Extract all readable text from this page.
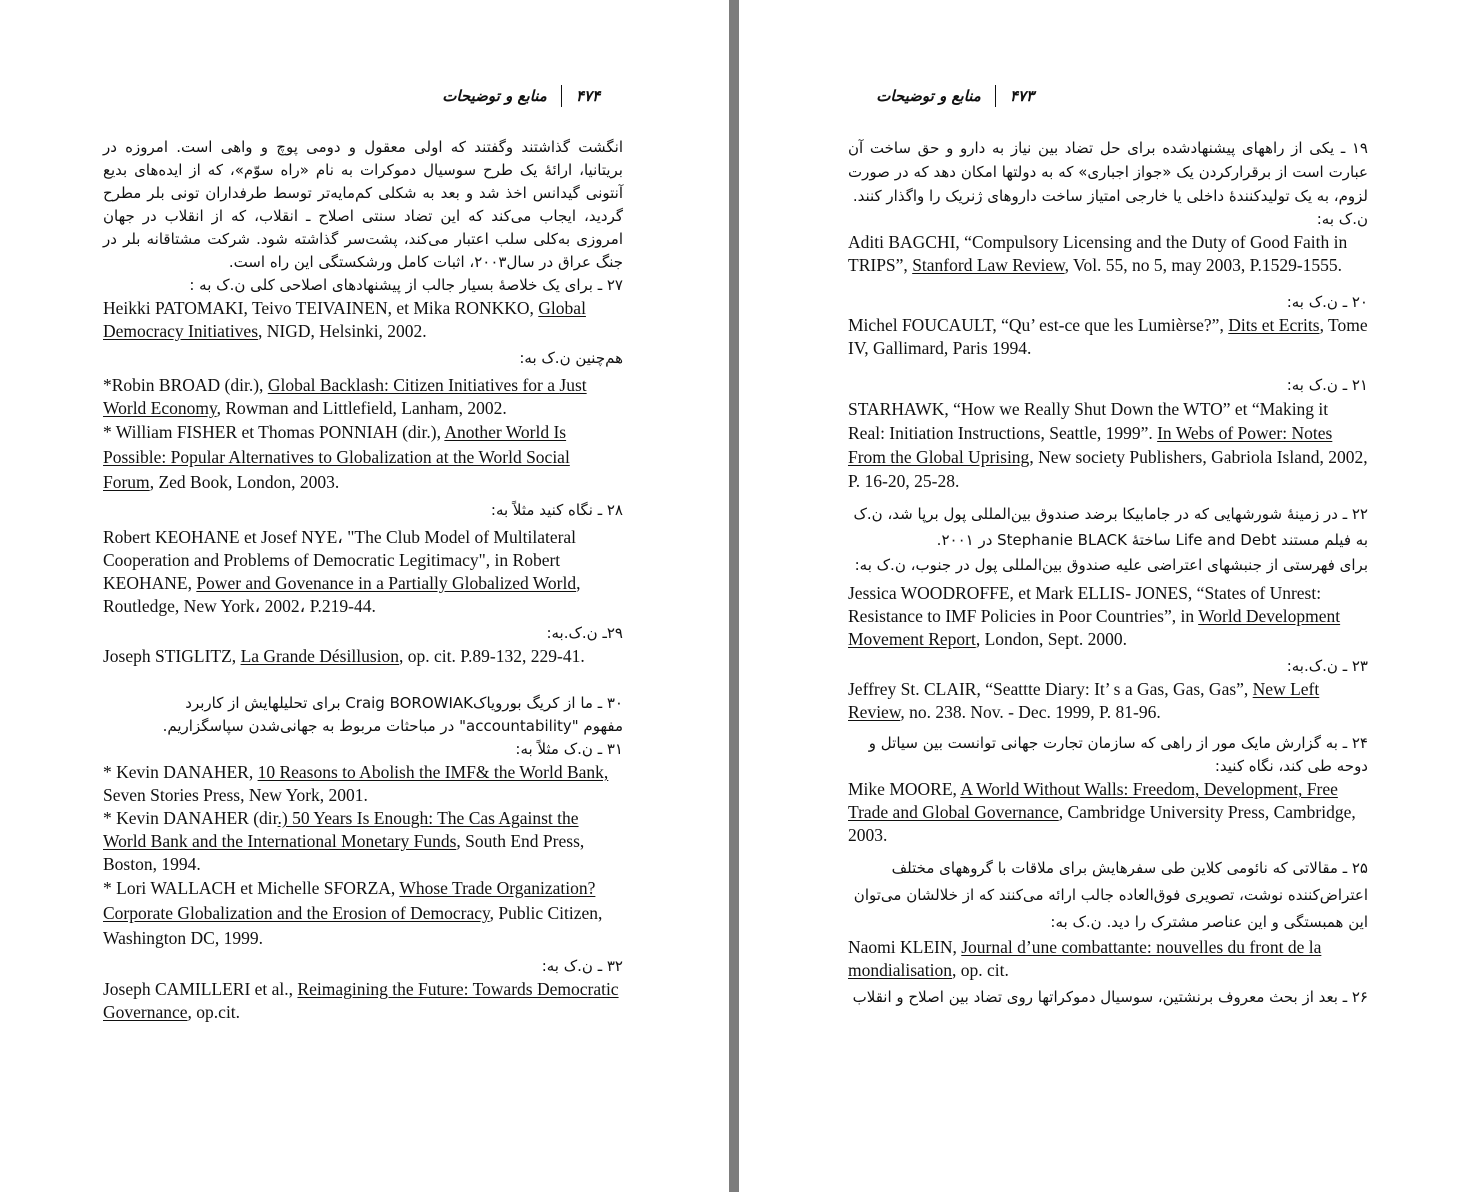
۴۷۴
منابع و توضیحات

انگشت گذاشتند وگفتند که اولی معقول و دومی پوچ و واهی است. امروزه در بریتانیا، ارائهٔ یک طرح سوسیال دموکرات به نام «راه سوّم»، که از ایده‌های بدیع آنتونی گیدانس اخذ شد و بعد به شکلی کم‌مایه‌تر توسط طرفداران تونی بلر مطرح گردید، ایجاب می‌کند که این تضاد سنتی اصلاح ـ انقلاب، که از انقلاب در جهان امروزی به‌کلی سلب اعتبار می‌کند، پشت‌سر گذاشته شود. شرکت مشتاقانه بلر در جنگ عراق در سال۲۰۰۳، اثبات کامل ورشکستگی این راه است.

۲۷ ـ برای یک خلاصهٔ بسیار جالب از پیشنهادهای اصلاحی کلی ن.ک به :

Heikki PATOMAKI, Teivo TEIVAINEN, et Mika RONKKO, Global Democracy Initiatives, NIGD, Helsinki, 2002.

هم‌چنین ن.ک به:

*Robin BROAD (dir.), Global Backlash: Citizen Initiatives for a Just World Economy, Rowman and Littlefield, Lanham, 2002.

* William FISHER et Thomas PONNIAH (dir.), Another World Is Possible: Popular Alternatives to Globalization at the World Social Forum, Zed Book, London, 2003.

۲۸ ـ نگاه کنید مثلاً به:

Robert KEOHANE et Josef NYE، "The Club Model of Multilateral Cooperation and Problems of Democratic Legitimacy", in Robert KEOHANE, Power and Govenance in a Partially Globalized World, Routledge, New York، 2002، P.219-44.

۲۹ـ ن.ک.به:

Joseph STIGLITZ, La Grande Désillusion, op. cit. P.89-132, 229-41.

۳۰ ـ ما از کریگ بورویاکCraig BOROWIAK برای تحلیلهایش از کاربرد

مفهوم "accountability" در مباحثات مربوط به جهانی‌شدن سپاسگزاریم.

۳۱ ـ ن.ک مثلاً به:

* Kevin DANAHER, 10 Reasons to Abolish the IMF& the World Bank, Seven Stories Press, New York, 2001.

* Kevin DANAHER (dir.) 50 Years Is Enough: The Cas Against the World Bank and the International Monetary Funds, South End Press, Boston, 1994.

* Lori WALLACH et Michelle SFORZA, Whose Trade Organization? Corporate Globalization and the Erosion of Democracy, Public Citizen, Washington DC, 1999.

۳۲ ـ ن.ک به:

Joseph CAMILLERI et al., Reimagining the Future: Towards Democratic Governance, op.cit.

۴۷۳
منابع و توضیحات

۱۹ ـ یکی از راههای پیشنهادشده برای حل تضاد بین نیاز به دارو و حق ساخت آن عبارت است از برقرارکردن یک «جواز اجباری» که به دولتها امکان دهد که در صورت لزوم، به یک تولیدکنندهٔ داخلی یا خارجی امتیاز ساخت داروهای ژنریک را واگذار کنند.

ن.ک به:

Aditi BAGCHI, “Compulsory Licensing and the Duty of Good Faith in TRIPS”, Stanford Law Review, Vol. 55, no 5, may 2003, P.1529-1555.

۲۰ ـ ن.ک به:

Michel FOUCAULT, “Qu’ est-ce que les Lumièrse?”, Dits et Ecrits, Tome IV, Gallimard, Paris 1994.

۲۱ ـ ن.ک به:

STARHAWK, “How we Really Shut Down the WTO” et “Making it Real: Initiation Instructions, Seattle, 1999”. In Webs of Power: Notes From the Global Uprising, New society Publishers, Gabriola Island, 2002, P. 16-20, 25-28.

۲۲ ـ در زمینهٔ شورشهایی که در جامابیکا برضد صندوق بین‌المللی پول برپا شد، ن.ک به فیلم مستند Life and Debt ساختهٔ Stephanie BLACK در ۲۰۰۱.

برای فهرستی از جنبشهای اعتراضی علیه صندوق بین‌المللی پول در جنوب، ن.ک به:

Jessica WOODROFFE, et Mark ELLIS- JONES, “States of Unrest: Resistance to IMF Policies in Poor Countries”, in World Development Movement Report, London, Sept. 2000.

۲۳ ـ ن.ک.به:

Jeffrey St. CLAIR, “Seattte Diary: It’ s a Gas, Gas, Gas”, New Left Review, no. 238. Nov. - Dec. 1999, P. 81-96.

۲۴ ـ به گزارش مایک مور از راهی که سازمان تجارت جهانی توانست بین سیاتل و دوحه طی کند، نگاه کنید:

Mike MOORE, A World Without Walls: Freedom, Development, Free Trade and Global Governance, Cambridge University Press, Cambridge, 2003.

۲۵ ـ مقالاتی که نائومی کلاین طی سفرهایش برای ملاقات با گروههای مختلف اعتراض‌کننده نوشت، تصویری فوق‌العاده جالب ارائه می‌کنند که از خلالشان می‌توان این همبستگی و این عناصر مشترک را دید. ن.ک به:

Naomi KLEIN, Journal d’une combattante: nouvelles du front de la mondialisation, op. cit.

۲۶ ـ بعد از بحث معروف برنشتین، سوسیال دموکراتها روی تضاد بین اصلاح و انقلاب
